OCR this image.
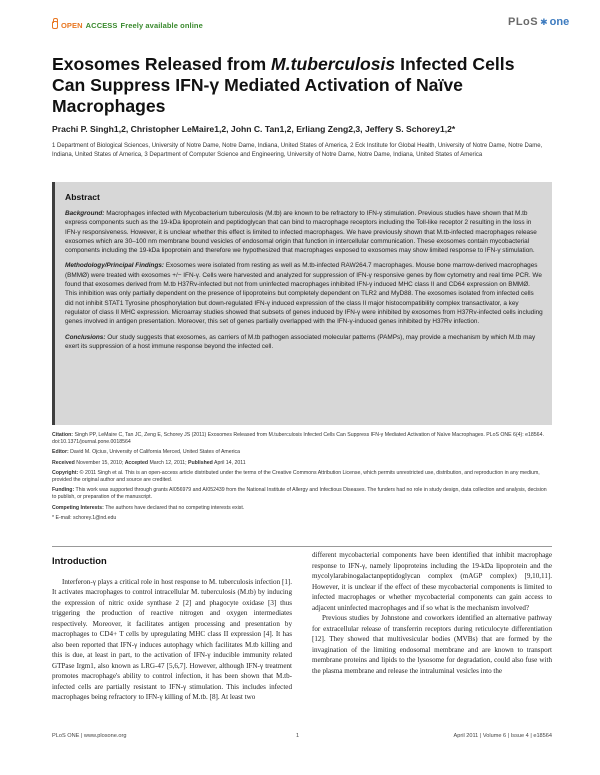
OPEN ACCESS Freely available online	PLoS ✱ one
Exosomes Released from M.tuberculosis Infected Cells Can Suppress IFN-γ Mediated Activation of Naïve Macrophages
Prachi P. Singh1,2, Christopher LeMaire1,2, John C. Tan1,2, Erliang Zeng2,3, Jeffery S. Schorey1,2*
1 Department of Biological Sciences, University of Notre Dame, Notre Dame, Indiana, United States of America, 2 Eck Institute for Global Health, University of Notre Dame, Notre Dame, Indiana, United States of America, 3 Department of Computer Science and Engineering, University of Notre Dame, Notre Dame, Indiana, United States of America
Abstract

Background: Macrophages infected with Mycobacterium tuberculosis (M.tb) are known to be refractory to IFN-γ stimulation. Previous studies have shown that M.tb express components such as the 19-kDa lipoprotein and peptidoglycan that can bind to macrophage receptors including the Toll-like receptor 2 resulting in the loss in IFN-γ responsiveness. However, it is unclear whether this effect is limited to infected macrophages. We have previously shown that M.tb-infected macrophages release exosomes which are 30–100 nm membrane bound vesicles of endosomal origin that function in intercellular communication. These exosomes contain mycobacterial components including the 19-kDa lipoprotein and therefore we hypothesized that macrophages exposed to exosomes may show limited response to IFN-γ stimulation.

Methodology/Principal Findings: Exosomes were isolated from resting as well as M.tb-infected RAW264.7 macrophages. Mouse bone marrow-derived macrophages (BMMØ) were treated with exosomes +/− IFN-γ. Cells were harvested and analyzed for suppression of IFN-γ responsive genes by flow cytometry and real time PCR. We found that exosomes derived from M.tb H37Rv-infected but not from uninfected macrophages inhibited IFN-γ induced MHC class II and CD64 expression on BMMØ. This inhibition was only partially dependent on the presence of lipoproteins but completely dependent on TLR2 and MyD88. The exosomes isolated from infected cells did not inhibit STAT1 Tyrosine phosphorylation but down-regulated IFN-γ induced expression of the class II major histocompatibility complex transactivator, a key regulator of class II MHC expression. Microarray studies showed that subsets of genes induced by IFN-γ were inhibited by exosomes from H37Rv-infected cells including genes involved in antigen presentation. Moreover, this set of genes partially overlapped with the IFN-γ-induced genes inhibited by H37Rv infection.

Conclusions: Our study suggests that exosomes, as carriers of M.tb pathogen associated molecular patterns (PAMPs), may provide a mechanism by which M.tb may exert its suppression of a host immune response beyond the infected cell.

Citation: Singh PP, LeMaire C, Tan JC, Zeng E, Schorey JS (2011) Exosomes Released from M.tuberculosis Infected Cells Can Suppress IFN-γ Mediated Activation of Naïve Macrophages. PLoS ONE 6(4): e18564. doi:10.1371/journal.pone.0018564

Editor: David M. Ojcius, University of California Merced, United States of America

Received November 15, 2010; Accepted March 12, 2011; Published April 14, 2011

Copyright: © 2011 Singh et al. This is an open-access article distributed under the terms of the Creative Commons Attribution License, which permits unrestricted use, distribution, and reproduction in any medium, provided the original author and source are credited.

Funding: This work was supported through grants AI056979 and AI052439 from the National Institute of Allergy and Infectious Diseases. The funders had no role in study design, data collection and analysis, decision to publish, or preparation of the manuscript.

Competing Interests: The authors have declared that no competing interests exist.

* E-mail: schorey.1@nd.edu

Introduction

Interferon-γ plays a critical role in host response to M. tuberculosis infection [1]. It activates macrophages to control intracellular M. tuberculosis (M.tb) by inducing the expression of nitric oxide synthase 2 [2] and phagocyte oxidase [3] thus triggering the production of reactive nitrogen and oxygen intermediates respectively. Moreover, it facilitates antigen processing and presentation by macrophages to CD4+ T cells by upregulating MHC class II expression [4]. It has also been reported that IFN-γ induces autophagy which facilitates M.tb killing and this is due, at least in part, to the activation of IFN-γ inducible immunity related GTPase Irgm1, also known as LRG-47 [5,6,7]. However, although IFN-γ treatment promotes macrophage's ability to control infection, it has been shown that M.tb-infected cells are partially resistant to IFN-γ stimulation. This includes infected macrophages being refractory to IFN-γ killing of M.tb. [8]. At least two

different mycobacterial components have been identified that inhibit macrophage response to IFN-γ, namely lipoproteins including the 19-kDa lipoprotein and the mycolylarabinogalactanpeptidoglycan complex (mAGP complex) [9,10,11]. However, it is unclear if the effect of these mycobacterial components is limited to infected macrophages or whether mycobacterial components can gain access to adjacent uninfected macrophages and if so what is the mechanism involved?

Previous studies by Johnstone and coworkers identified an alternative pathway for extracellular release of transferrin receptors during reticulocyte differentiation [12]. They showed that multivesicular bodies (MVBs) that are formed by the invagination of the limiting endosomal membrane and are known to transport membrane proteins and lipids to the lysosome for degradation, could also fuse with the plasma membrane and release the intraluminal vesicles into the

PLoS ONE | www.plosone.org	1	April 2011 | Volume 6 | Issue 4 | e18564
